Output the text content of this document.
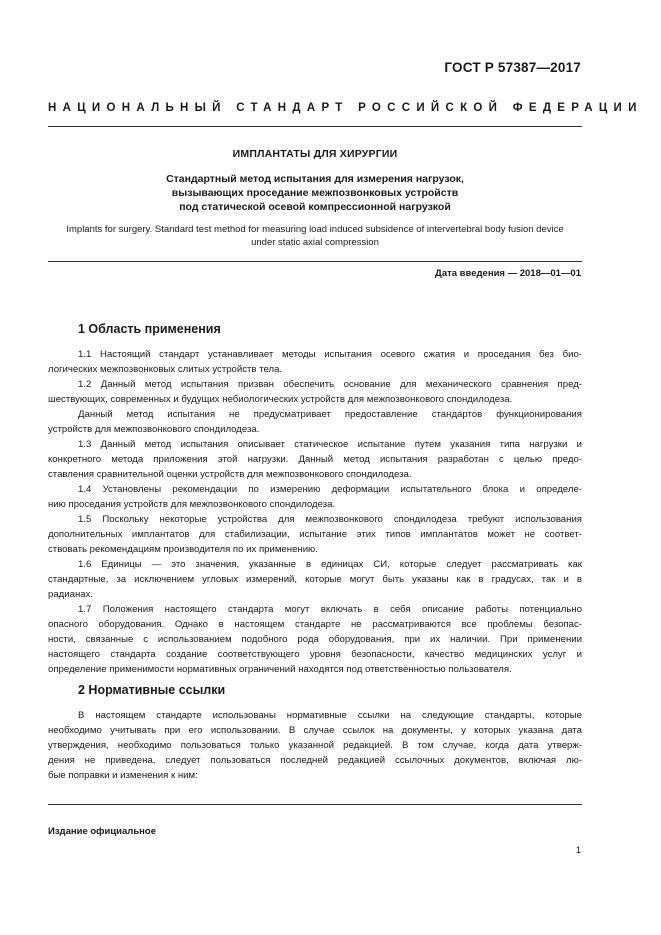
ГОСТ Р 57387—2017
НАЦИОНАЛЬНЫЙ СТАНДАРТ РОССИЙСКОЙ ФЕДЕРАЦИИ
ИМПЛАНТАТЫ ДЛЯ ХИРУРГИИ
Стандартный метод испытания для измерения нагрузок,
вызывающих проседание межпозвонковых устройств
под статической осевой компрессионной нагрузкой
Implants for surgery. Standard test method for measuring load induced subsidence of intervertebral body fusion device
under static axial compression
Дата введения — 2018—01—01
1 Область применения
1.1 Настоящий стандарт устанавливает методы испытания осевого сжатия и проседания без био-
логических межпозвонковых слитых устройств тела.
1.2 Данный метод испытания призван обеспечить основание для механического сравнения пред-
шествующих, современных и будущих небиологических устройств для межпозвонкового спондилодеза.
Данный метод испытания не предусматривает предоставление стандартов функционирования
устройств для межпозвонкового спондилодеза.
1.3 Данный метод испытания описывает статическое испытание путем указания типа нагрузки и
конкретного метода приложения этой нагрузки. Данный метод испытания разработан с целью предо-
ставления сравнительной оценки устройств для межпозвонкового спондилодеза.
1.4 Установлены рекомендации по измерению деформации испытательного блока и определе-
нию проседания устройств для межпозвонкового спондилодеза.
1.5 Поскольку некоторые устройства для межпозвонкового спондилодеза требуют использования
дополнительных имплантатов для стабилизации, испытание этих типов имплантатов может не соответ-
ствовать рекомендациям производителя по их применению.
1.6 Единицы — это значения, указанные в единицах СИ, которые следует рассматривать как
стандартные, за исключением угловых измерений, которые могут быть указаны как в градусах, так и в
радианах.
1.7 Положения настоящего стандарта могут включать в себя описание работы потенциально
опасного оборудования. Однако в настоящем стандарте не рассматриваются все проблемы безопас-
ности, связанные с использованием подобного рода оборудования, при их наличии. При применении
настоящего стандарта создание соответствующего уровня безопасности, качество медицинских услуг и
определение применимости нормативных ограничений находятся под ответственностью пользователя.
2 Нормативные ссылки
В настоящем стандарте использованы нормативные ссылки на следующие стандарты, которые
необходимо учитывать при его использовании. В случае ссылок на документы, у которых указана дата
утверждения, необходимо пользоваться только указанной редакцией. В том случае, когда дата утверж-
дения не приведена, следует пользоваться последней редакцией ссылочных документов, включая лю-
бые поправки и изменения к ним:
Издание официальное
1
